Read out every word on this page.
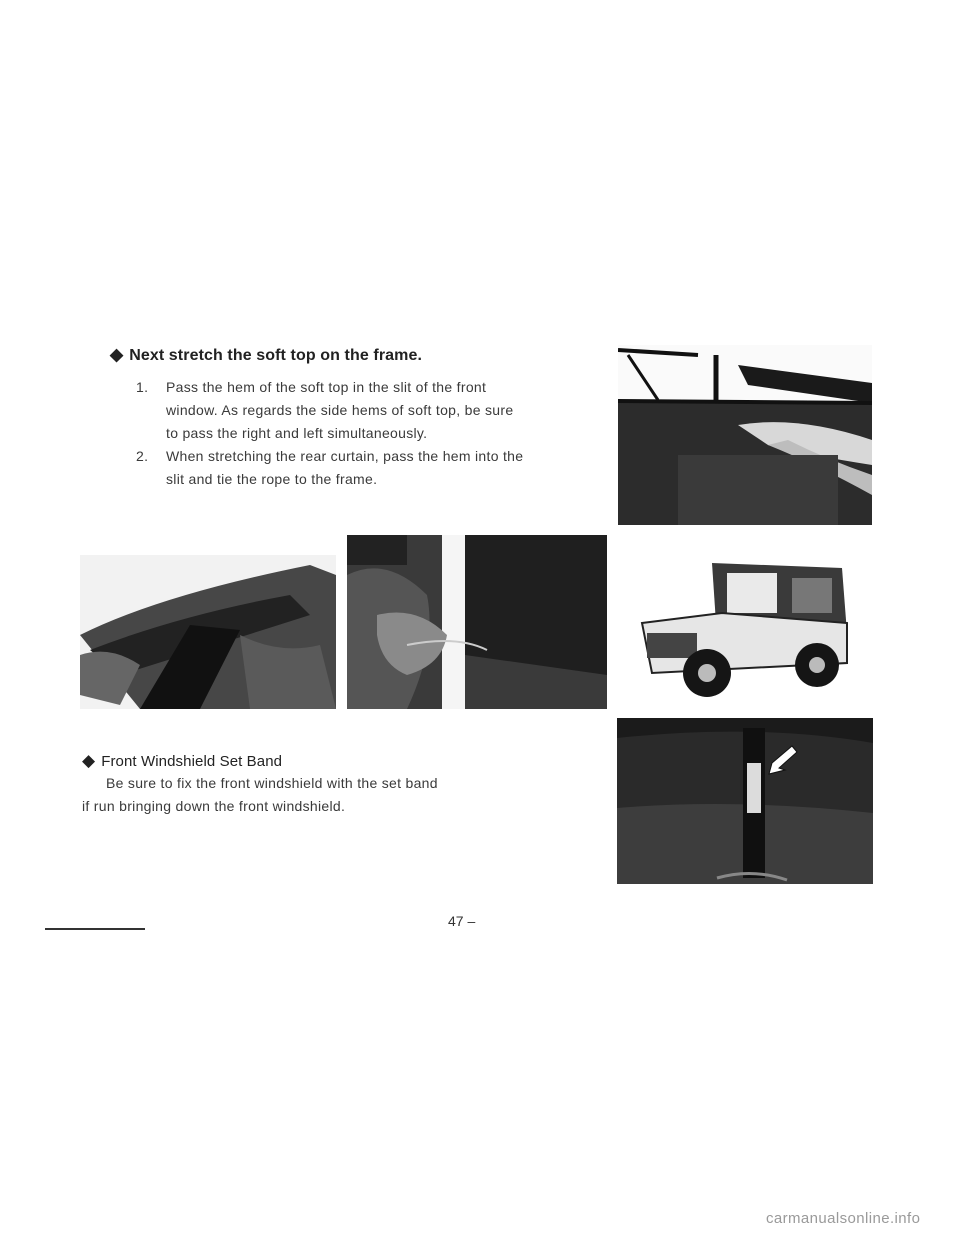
◆ Next stretch the soft top on the frame.
1. Pass the hem of the soft top in the slit of the front
window. As regards the side hems of soft top, be sure
to pass the right and left simultaneously.
2. When stretching the rear curtain, pass the hem into the
slit and tie the rope to the frame.
◆ Front Windshield Set Band
Be sure to fix the front windshield with the set band
if run bringing down the front windshield.
47 –
carmanualsonline.info
